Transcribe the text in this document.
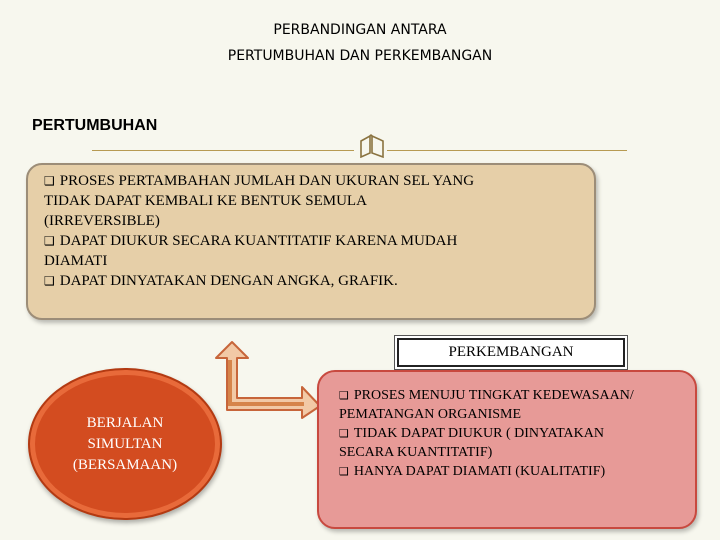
PERBANDINGAN ANTARA
PERTUMBUHAN DAN PERKEMBANGAN
PERTUMBUHAN
❑ PROSES PERTAMBAHAN JUMLAH DAN UKURAN SEL YANG
TIDAK DAPAT KEMBALI KE BENTUK SEMULA
(IRREVERSIBLE)
❑ DAPAT DIUKUR SECARA KUANTITATIF KARENA MUDAH
DIAMATI
❑ DAPAT DINYATAKAN DENGAN ANGKA, GRAFIK.
BERJALAN
SIMULTAN
(BERSAMAAN)
PERKEMBANGAN
❑ PROSES MENUJU TINGKAT KEDEWASAAN/
PEMATANGAN ORGANISME
❑ TIDAK DAPAT DIUKUR ( DINYATAKAN
SECARA KUANTITATIF)
❑ HANYA DAPAT DIAMATI (KUALITATIF)
